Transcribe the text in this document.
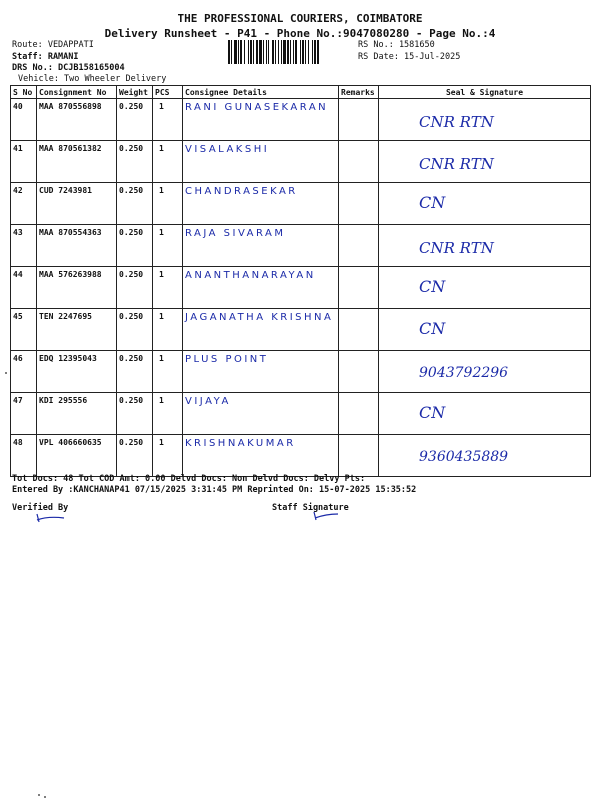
THE PROFESSIONAL COURIERS, COIMBATORE
Delivery Runsheet - P41 - Phone No.:9047080280 - Page No.:4
Route: VEDAPPATI
Staff: RAMANI
DRS No.: DCJB158165004
Vehicle: Two Wheeler Delivery
RS No.: 1581650
RS Date: 15-Jul-2025
S No	Consignment No	Weight	PCS	Consignee Details	Remarks	Seal & Signature
40	MAA 870556898	0.250	1	RANI GUNASEKARAN		CNR RTN

41	MAA 870561382	0.250	1	VISALAKSHI		CNR RTN

42	CUD 7243981	0.250	1	CHANDRASEKAR		CN

43	MAA 870554363	0.250	1	RAJA SIVARAM		CNR RTN

44	MAA 576263988	0.250	1	ANANTHANARAYAN		CN

45	TEN 2247695	0.250	1	JAGANATHA KRISHNA		CN

46	EDQ 12395043	0.250	1	PLUS POINT		9043792296

47	KDI 295556	0.250	1	VIJAYA		CN

48	VPL 406660635	0.250	1	KRISHNAKUMAR		9360435889
Tot Docs: 48 Tot COD Amt: 0.00 Delvd Docs: Non Delvd Docs: Delvy Pts:
Entered By :KANCHANAP41 07/15/2025 3:31:45 PM Reprinted On: 15-07-2025 15:35:52
Verified By	Staff Signature
